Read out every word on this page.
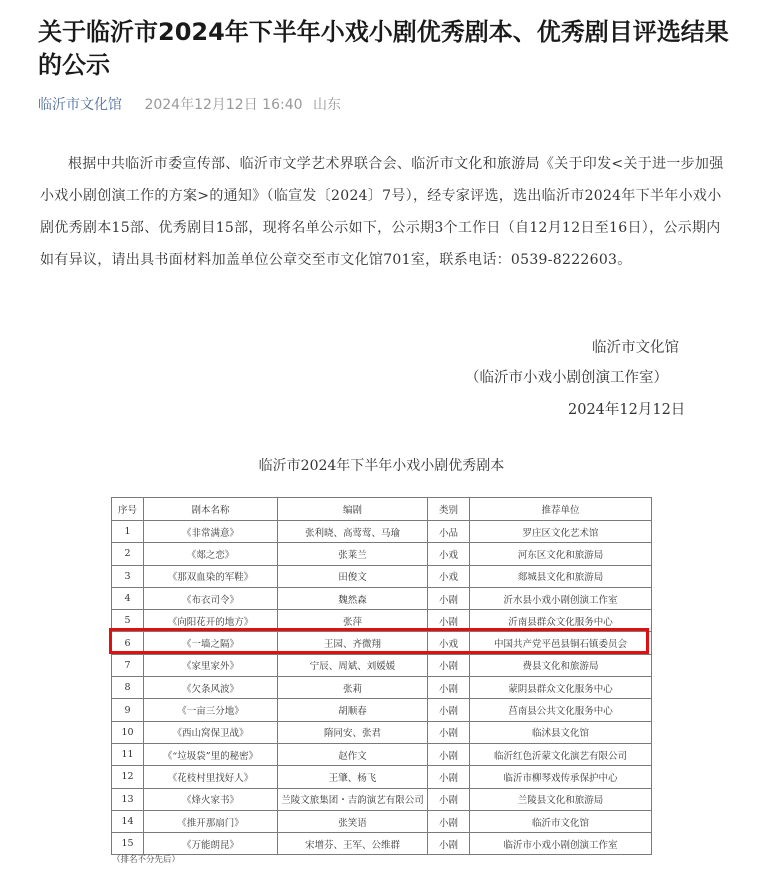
关于临沂市2024年下半年小戏小剧优秀剧本、优秀剧目评选结果的公示
临沂市文化馆 2024年12月12日 16:40 山东
根据中共临沂市委宣传部、临沂市文学艺术界联合会、临沂市文化和旅游局《关于印发<关于进一步加强小戏小剧创演工作的方案>的通知》（临宣发〔2024〕7号），经专家评选，选出临沂市2024年下半年小戏小剧优秀剧本15部、优秀剧目15部，现将名单公示如下，公示期3个工作日（自12月12日至16日），公示期内如有异议，请出具书面材料加盖单位公章交至市文化馆701室，联系电话：0539-8222603。
临沂市文化馆
（临沂市小戏小剧创演工作室）
2024年12月12日
临沂市2024年下半年小戏小剧优秀剧本
序号	剧本名称	编剧	类别	推荐单位
1	《非常满意》	张利晓、高莺莺、马瑜	小品	罗庄区文化艺术馆
2	《郯之恋》	张莱兰	小戏	河东区文化和旅游局
3	《那双血染的军鞋》	田俊文	小戏	郯城县文化和旅游局
4	《布衣司令》	魏然森	小剧	沂水县小戏小剧创演工作室
5	《向阳花开的地方》	张萍	小剧	沂南县群众文化服务中心
6	《一墙之隔》	王园、齐微翔	小戏	中国共产党平邑县铜石镇委员会
7	《家里家外》	宁辰、周斌、刘媛媛	小剧	费县文化和旅游局
8	《欠条风波》	张莉	小剧	蒙阴县群众文化服务中心
9	《一亩三分地》	胡顺春	小剧	莒南县公共文化服务中心
10	《西山窝保卫战》	隋同安、张君	小剧	临沭县文化馆
11	《“垃圾袋”里的秘密》	赵作文	小剧	临沂红色沂蒙文化演艺有限公司
12	《花枝村里找好人》	王肇、杨飞	小剧	临沂市柳琴戏传承保护中心
13	《烽火家书》	兰陵文旅集团・吉韵演艺有限公司	小剧	兰陵县文化和旅游局
14	《推开那扇门》	张笑语	小剧	临沂市文化馆
15	《万能朗昆》	宋增芬、王军、公维群	小剧	临沂市小戏小剧创演工作室
（排名不分先后）
